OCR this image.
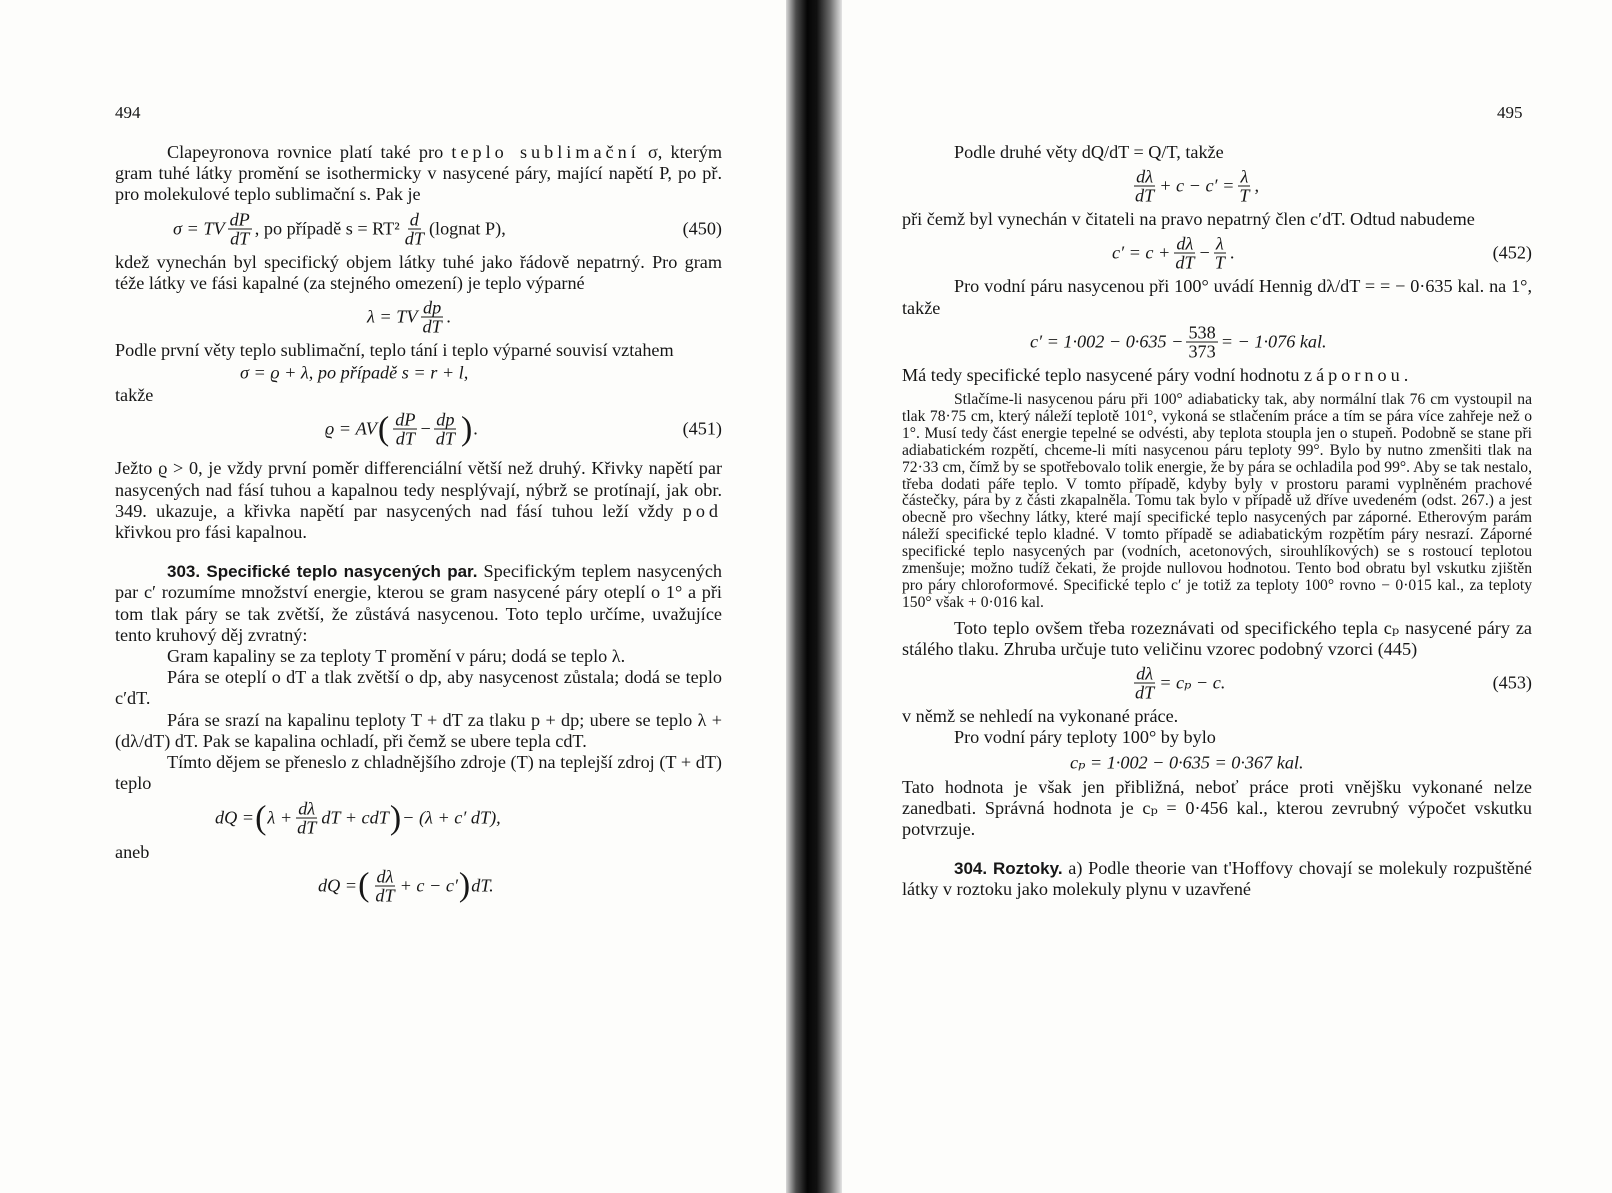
494

Clapeyronova rovnice platí také pro teplo sublimační σ, kterým gram tuhé látky promění se isothermicky v nasycené páry, mající napětí P, po př. pro molekulové teplo sublimační s. Pak je

σ = TV $\frac{dP}{dT}$ , po případě $s = RT^2 \frac{d}{dT}$ (lognat P),	(450)

kdež vynechán byl specifický objem látky tuhé jako řádově nepatrný. Pro gram téže látky ve fási kapalné (za stejného omezení) je teplo výparné

λ = TV $\frac{dp}{dT}$ .

Podle první věty teplo sublimační, teplo tání i teplo výparné souvisí vztahem

σ = ϱ + λ, po případě s = r + l,

takže

ϱ = AV ( $\frac{dP}{dT} - \frac{dp}{dT}$ ) .	(451)

Ježto ϱ > 0, je vždy první poměr differenciální větší než druhý. Křivky napětí par nasycených nad fásí tuhou a kapalnou tedy nesplývají, nýbrž se protínají, jak obr. 349. ukazuje, a křivka napětí par nasycených nad fásí tuhou leží vždy pod křivkou pro fási kapalnou.

303. Specifické teplo nasycených par. Specifickým teplem nasycených par c′ rozumíme množství energie, kterou se gram nasycené páry oteplí o 1° a při tom tlak páry se tak zvětší, že zůstává nasycenou. Toto teplo určíme, uvažujíce tento kruhový děj zvratný:

Gram kapaliny se za teploty T promění v páru; dodá se teplo λ.

Pára se oteplí o dT a tlak zvětší o dp, aby nasycenost zůstala; dodá se teplo c′dT.

Pára se srazí na kapalinu teploty T + dT za tlaku p + dp; ubere se teplo λ + (dλ/dT) dT. Pak se kapalina ochladí, při čemž se ubere tepla cdT.

Tímto dějem se přeneslo z chladnějšího zdroje (T) na teplejší zdroj (T + dT) teplo

dQ = ( $\lambda + \frac{d\lambda}{dT}$ dT + cdT ) − (λ + c′ dT),

aneb

dQ = ( $\frac{d\lambda}{dT} + c - c'$ ) dT.
495

Podle druhé věty dQ/dT = Q/T, takže

$\frac{d\lambda}{dT} + c - c' = \frac{\lambda}{T}$ ,

při čemž byl vynechán v čitateli na pravo nepatrný člen c′dT. Odtud nabudeme

$c' = c + \frac{d\lambda}{dT} - \frac{\lambda}{T}$ .	(452)

Pro vodní páru nasycenou při 100° uvádí Hennig dλ/dT = = − 0·635 kal. na 1°, takže

$c' = 1\cdot 002 - 0\cdot 635 - \frac{538}{373}$ = − 1·076 kal.

Má tedy specifické teplo nasycené páry vodní hodnotu zápornou.

Stlačíme-li nasycenou páru při 100° adiabaticky tak, aby normální tlak 76 cm vystoupil na tlak 78·75 cm, který náleží teplotě 101°, vykoná se stlačením práce a tím se pára více zahřeje než o 1°. Musí tedy část energie tepelné se odvésti, aby teplota stoupla jen o stupeň. Podobně se stane při adiabatickém rozpětí, chceme-li míti nasycenou páru teploty 99°. Bylo by nutno zmenšiti tlak na 72·33 cm, čímž by se spotřebovalo tolik energie, že by pára se ochladila pod 99°. Aby se tak nestalo, třeba dodati páře teplo. V tomto případě, kdyby byly v prostoru parami vyplněném prachové částečky, pára by z části zkapalněla. Tomu tak bylo v případě už dříve uvedeném (odst. 267.) a jest obecně pro všechny látky, které mají specifické teplo nasycených par záporné. Etherovým parám náleží specifické teplo kladné. V tomto případě se adiabatickým rozpětím páry nesrazí. Záporné specifické teplo nasycených par (vodních, acetonových, sirouhlíkových) se s rostoucí teplotou zmenšuje; možno tudíž čekati, že projde nullovou hodnotou. Tento bod obratu byl vskutku zjištěn pro páry chloroformové. Specifické teplo c′ je totiž za teploty 100° rovno − 0·015 kal., za teploty 150° však + 0·016 kal.

Toto teplo ovšem třeba rozeznávati od specifického tepla cₚ nasycené páry za stálého tlaku. Zhruba určuje tuto veličinu vzorec podobný vzorci (445)

$\frac{d\lambda}{dT} = c_p - c$.	(453)

v němž se nehledí na vykonané práce.

Pro vodní páry teploty 100° by bylo

cₚ = 1·002 − 0·635 = 0·367 kal.

Tato hodnota je však jen přibližná, neboť práce proti vnějšku vykonané nelze zanedbati. Správná hodnota je cₚ = 0·456 kal., kterou zevrubný výpočet vskutku potvrzuje.

304. Roztoky. a) Podle theorie van t'Hoffovy chovají se molekuly rozpuštěné látky v roztoku jako molekuly plynu v uzavřené
